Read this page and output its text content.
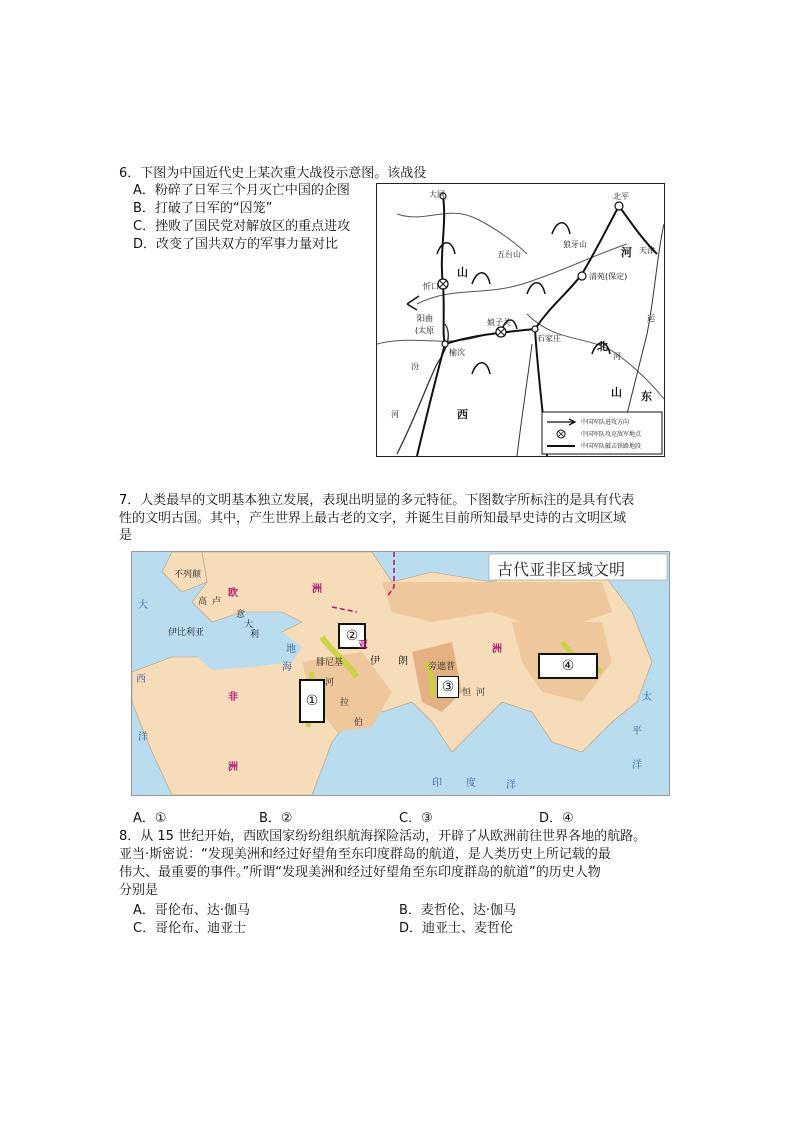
6．下图为中国近代史上某次重大战役示意图。该战役
A．粉碎了日军三个月灭亡中国的企图
B．打破了日军的“囚笼”
C．挫败了国民党对解放区的重点进攻
D．改变了国共双方的军事力量对比
大同	北平
天津
狼牙山
五台山
清苑(保定)
忻口
阳曲
(太原
娘子关
石家庄
榆次
山
西
河
北
山 东
汾
河
运
河
中国军队进攻方向
中国军队攻克敌军地点
中国军队破击铁路地段
7．人类最早的文明基本独立发展，表现出明显的多元特征。下图数字所标注的是具有代表
性的文明古国。其中，产生世界上最古老的文字，并诞生目前所知最早史诗的古文明区域
是
古代亚非区域文明
①
②
③
④
不列颠
欧	洲
高 卢
伊比利亚
意
大
利
大
西
洋
地
海	腓尼基
河
伊 朗
拉
伯
非
洲
亚	洲
旁遮普
印 度	洋
太
平
洋
恒 河
A．①	B．②	C．③	D．④
8．从 15 世纪开始，西欧国家纷纷组织航海探险活动，开辟了从欧洲前往世界各地的航路。
亚当·斯密说：“发现美洲和经过好望角至东印度群岛的航道，是人类历史上所记载的最
伟大、最重要的事件。”所谓“发现美洲和经过好望角至东印度群岛的航道”的历史人物
分别是
A．哥伦布、达·伽马	B．麦哲伦、达·伽马
C．哥伦布、迪亚士	D．迪亚士、麦哲伦
